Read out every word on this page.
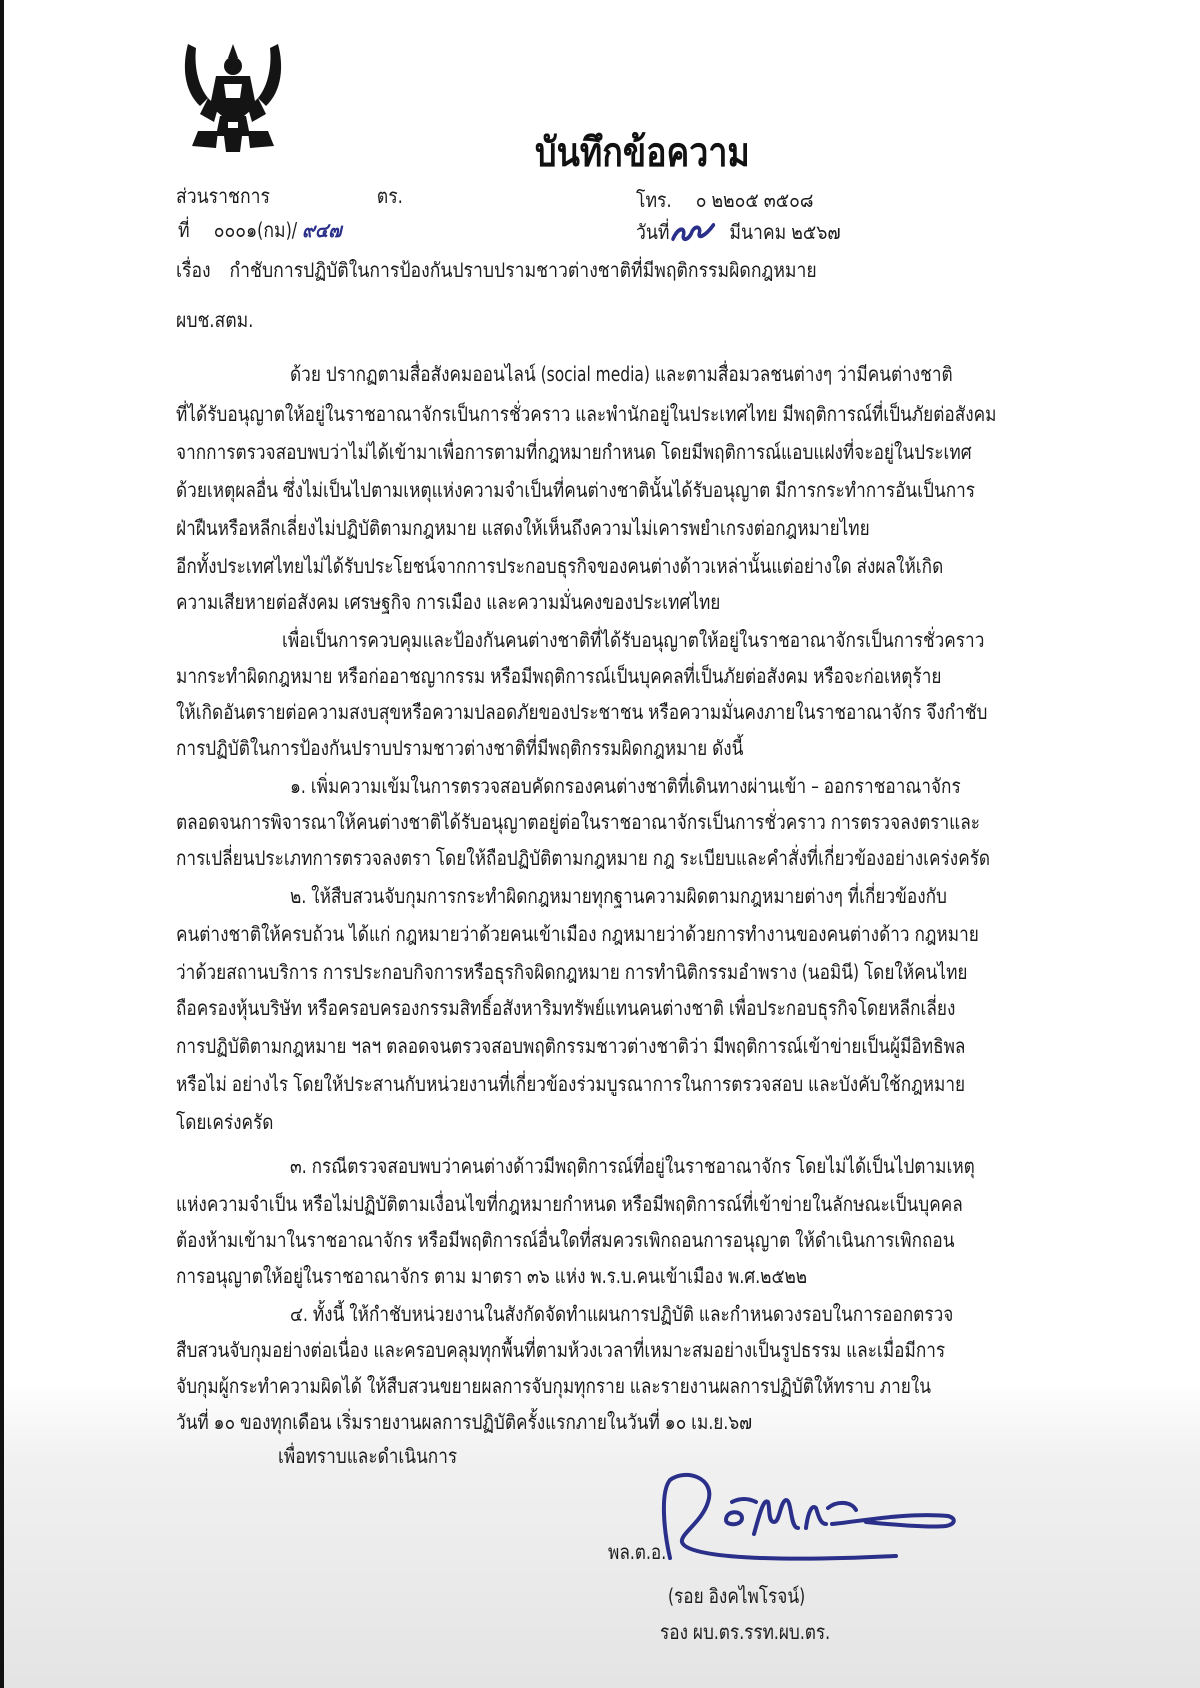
บันทึกข้อความ
ส่วนราชการ	ตร.	โทร. ๐ ๒๒๐๕ ๓๕๐๘
ที่ ๐๐๐๑(กม)/ ๙๔๗	วันที่	มีนาคม ๒๕๖๗
เรื่อง กำชับการปฏิบัติในการป้องกันปราบปรามชาวต่างชาติที่มีพฤติกรรมผิดกฎหมาย
ผบช.สตม.
ด้วย ปรากฏตามสื่อสังคมออนไลน์ (social media) และตามสื่อมวลชนต่างๆ ว่ามีคนต่างชาติ
ที่ได้รับอนุญาตให้อยู่ในราชอาณาจักรเป็นการชั่วคราว และพำนักอยู่ในประเทศไทย มีพฤติการณ์ที่เป็นภัยต่อสังคม
จากการตรวจสอบพบว่าไม่ได้เข้ามาเพื่อการตามที่กฎหมายกำหนด โดยมีพฤติการณ์แอบแฝงที่จะอยู่ในประเทศ
ด้วยเหตุผลอื่น ซึ่งไม่เป็นไปตามเหตุแห่งความจำเป็นที่คนต่างชาตินั้นได้รับอนุญาต มีการกระทำการอันเป็นการ
ฝ่าฝืนหรือหลีกเลี่ยงไม่ปฏิบัติตามกฎหมาย แสดงให้เห็นถึงความไม่เคารพยำเกรงต่อกฎหมายไทย
อีกทั้งประเทศไทยไม่ได้รับประโยชน์จากการประกอบธุรกิจของคนต่างด้าวเหล่านั้นแต่อย่างใด ส่งผลให้เกิด
ความเสียหายต่อสังคม เศรษฐกิจ การเมือง และความมั่นคงของประเทศไทย
เพื่อเป็นการควบคุมและป้องกันคนต่างชาติที่ได้รับอนุญาตให้อยู่ในราชอาณาจักรเป็นการชั่วคราว
มากระทำผิดกฎหมาย หรือก่ออาชญากรรม หรือมีพฤติการณ์เป็นบุคคลที่เป็นภัยต่อสังคม หรือจะก่อเหตุร้าย
ให้เกิดอันตรายต่อความสงบสุขหรือความปลอดภัยของประชาชน หรือความมั่นคงภายในราชอาณาจักร จึงกำชับ
การปฏิบัติในการป้องกันปราบปรามชาวต่างชาติที่มีพฤติกรรมผิดกฎหมาย ดังนี้
๑. เพิ่มความเข้มในการตรวจสอบคัดกรองคนต่างชาติที่เดินทางผ่านเข้า – ออกราชอาณาจักร
ตลอดจนการพิจารณาให้คนต่างชาติได้รับอนุญาตอยู่ต่อในราชอาณาจักรเป็นการชั่วคราว การตรวจลงตราและ
การเปลี่ยนประเภทการตรวจลงตรา โดยให้ถือปฏิบัติตามกฎหมาย กฎ ระเบียบและคำสั่งที่เกี่ยวข้องอย่างเคร่งครัด
๒. ให้สืบสวนจับกุมการกระทำผิดกฎหมายทุกฐานความผิดตามกฎหมายต่างๆ ที่เกี่ยวข้องกับ
คนต่างชาติให้ครบถ้วน ได้แก่ กฎหมายว่าด้วยคนเข้าเมือง กฎหมายว่าด้วยการทำงานของคนต่างด้าว กฎหมาย
ว่าด้วยสถานบริการ การประกอบกิจการหรือธุรกิจผิดกฎหมาย การทำนิติกรรมอำพราง (นอมินี) โดยให้คนไทย
ถือครองหุ้นบริษัท หรือครอบครองกรรมสิทธิ์อสังหาริมทรัพย์แทนคนต่างชาติ เพื่อประกอบธุรกิจโดยหลีกเลี่ยง
การปฏิบัติตามกฎหมาย ฯลฯ ตลอดจนตรวจสอบพฤติกรรมชาวต่างชาติว่า มีพฤติการณ์เข้าข่ายเป็นผู้มีอิทธิพล
หรือไม่ อย่างไร โดยให้ประสานกับหน่วยงานที่เกี่ยวข้องร่วมบูรณาการในการตรวจสอบ และบังคับใช้กฎหมาย
โดยเคร่งครัด
๓. กรณีตรวจสอบพบว่าคนต่างด้าวมีพฤติการณ์ที่อยู่ในราชอาณาจักร โดยไม่ได้เป็นไปตามเหตุ
แห่งความจำเป็น หรือไม่ปฏิบัติตามเงื่อนไขที่กฎหมายกำหนด หรือมีพฤติการณ์ที่เข้าข่ายในลักษณะเป็นบุคคล
ต้องห้ามเข้ามาในราชอาณาจักร หรือมีพฤติการณ์อื่นใดที่สมควรเพิกถอนการอนุญาต ให้ดำเนินการเพิกถอน
การอนุญาตให้อยู่ในราชอาณาจักร ตาม มาตรา ๓๖ แห่ง พ.ร.บ.คนเข้าเมือง พ.ศ.๒๕๒๒
๔. ทั้งนี้ ให้กำชับหน่วยงานในสังกัดจัดทำแผนการปฏิบัติ และกำหนดวงรอบในการออกตรวจ
สืบสวนจับกุมอย่างต่อเนื่อง และครอบคลุมทุกพื้นที่ตามห้วงเวลาที่เหมาะสมอย่างเป็นรูปธรรม และเมื่อมีการ
จับกุมผู้กระทำความผิดได้ ให้สืบสวนขยายผลการจับกุมทุกราย และรายงานผลการปฏิบัติให้ทราบ ภายใน
วันที่ ๑๐ ของทุกเดือน เริ่มรายงานผลการปฏิบัติครั้งแรกภายในวันที่ ๑๐ เม.ย.๖๗
เพื่อทราบและดำเนินการ
พล.ต.อ.
(รอย อิงคไพโรจน์)
รอง ผบ.ตร.รรท.ผบ.ตร.
